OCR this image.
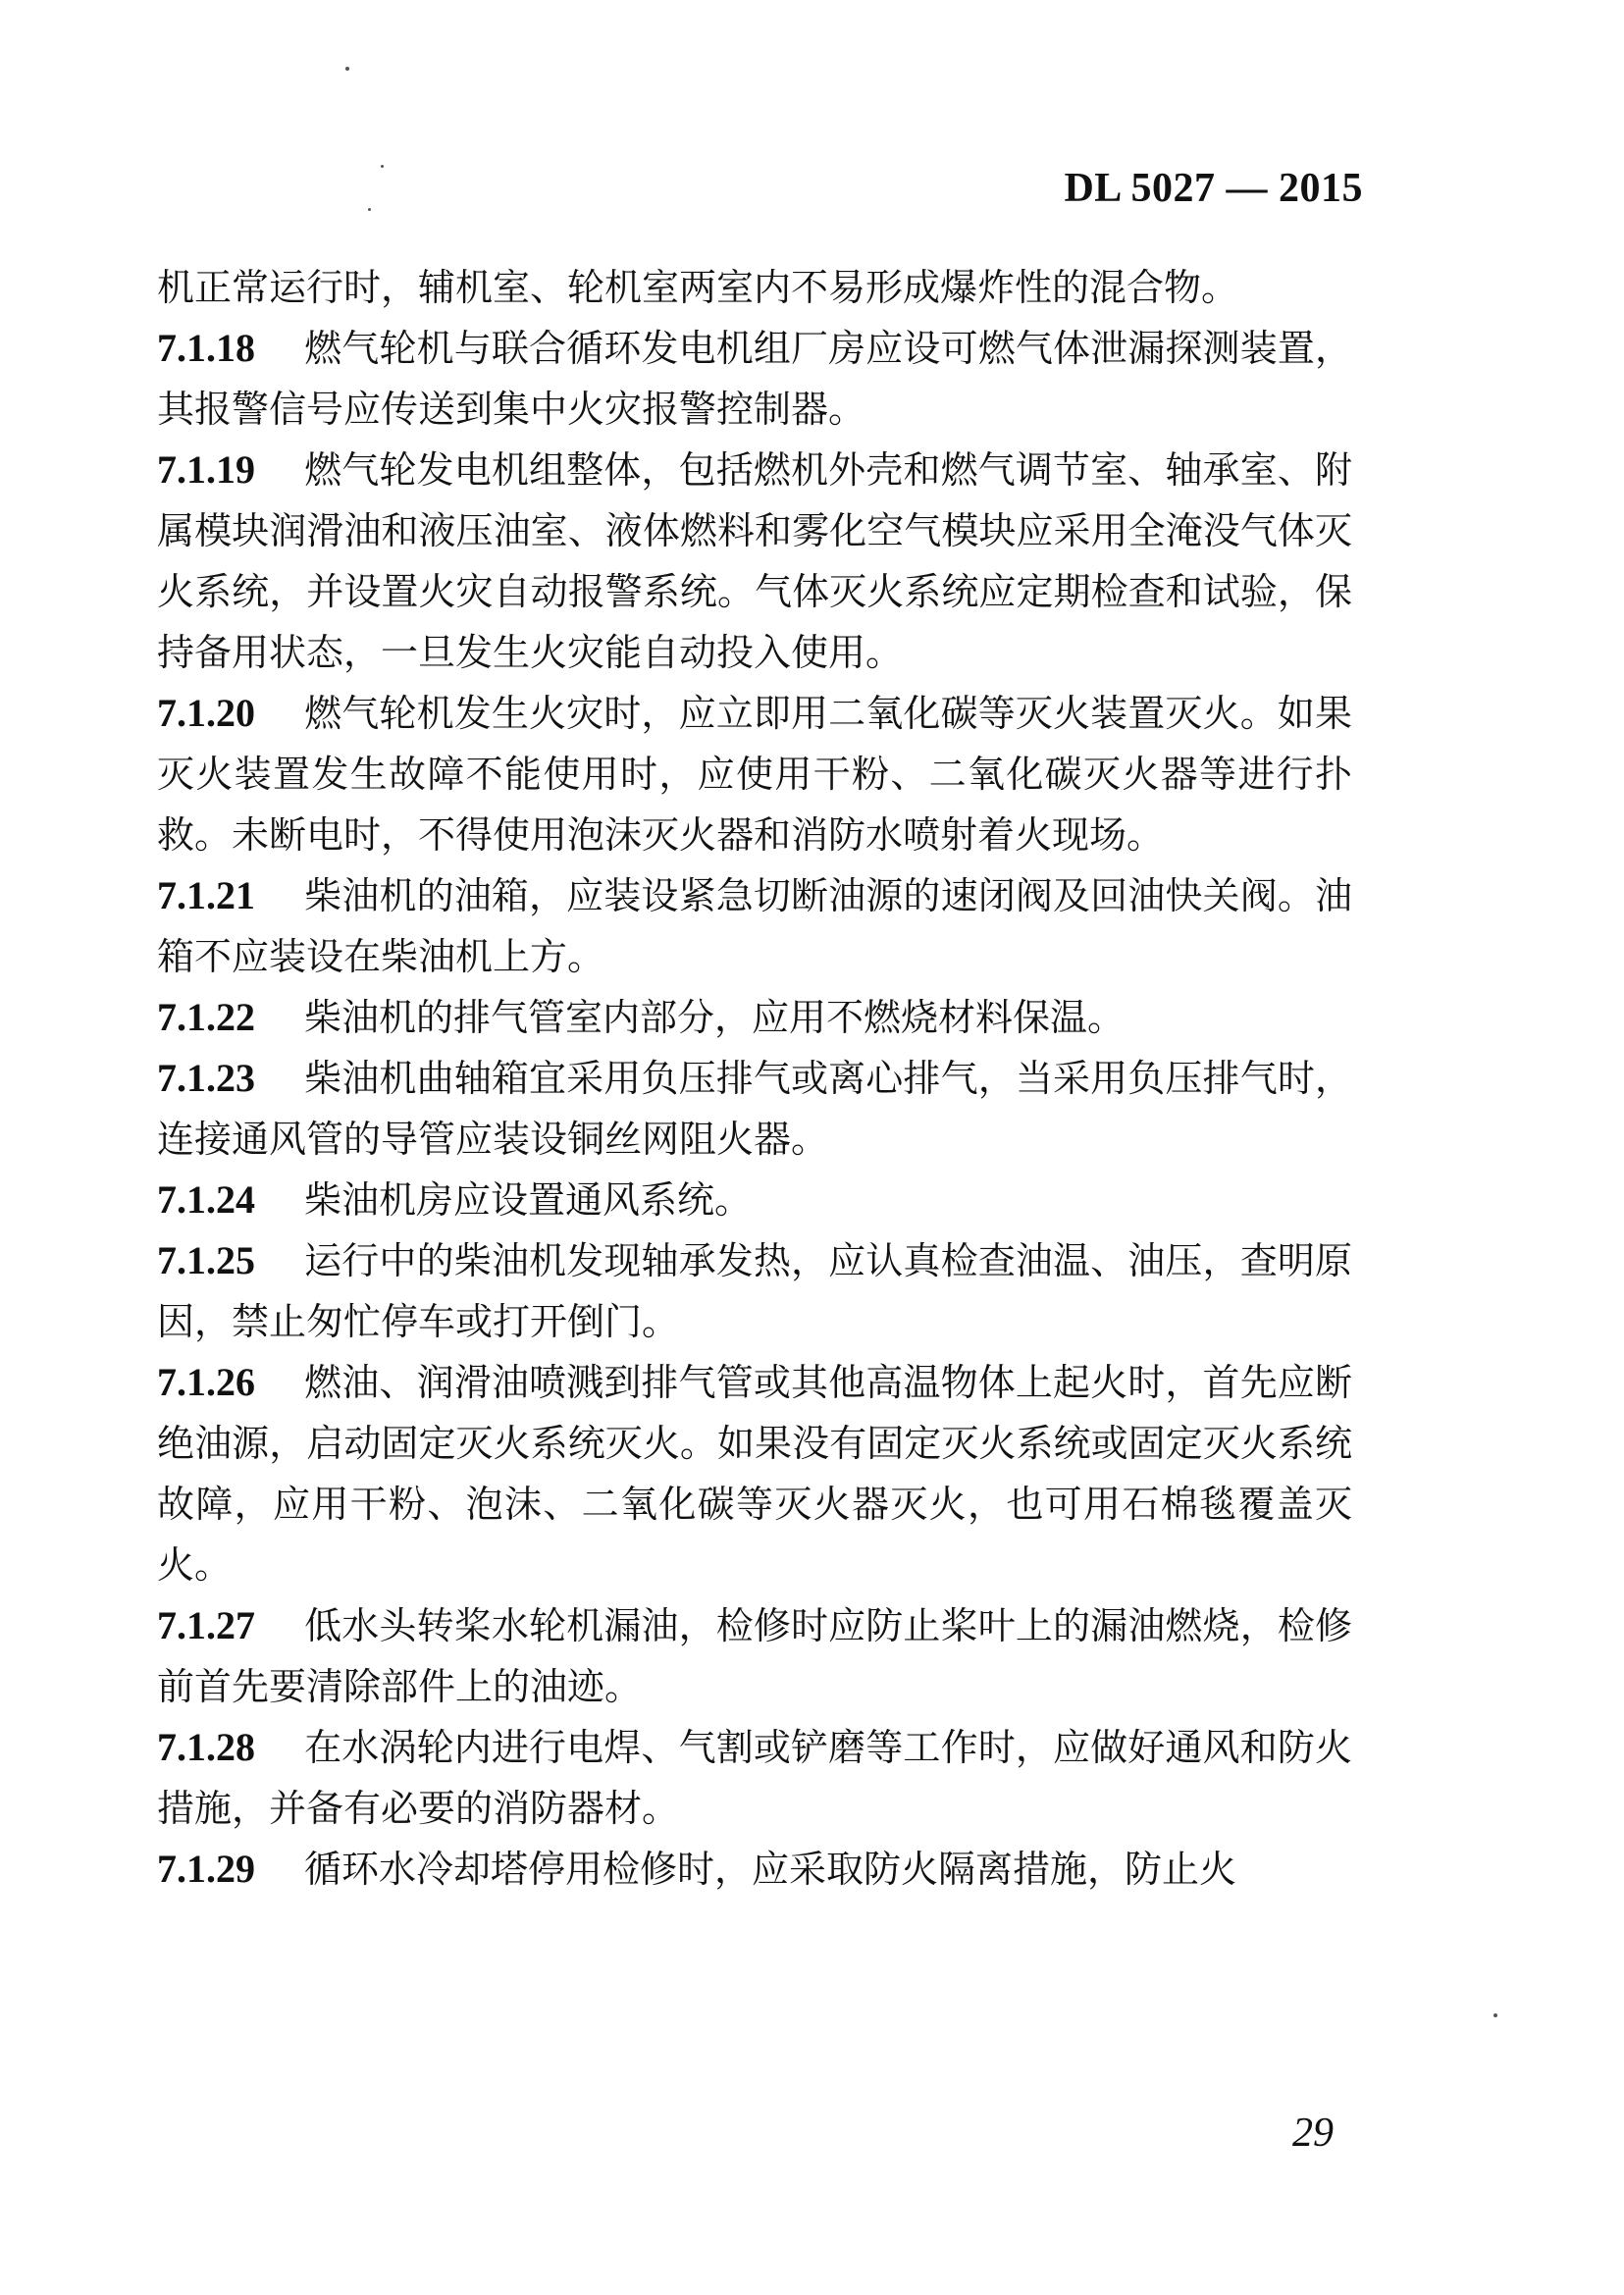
DL 5027 — 2015

机正常运行时，辅机室、轮机室两室内不易形成爆炸性的混合物。

7.1.18 燃气轮机与联合循环发电机组厂房应设可燃气体泄漏探测装置，其报警信号应传送到集中火灾报警控制器。

7.1.19 燃气轮发电机组整体，包括燃机外壳和燃气调节室、轴承室、附属模块润滑油和液压油室、液体燃料和雾化空气模块应采用全淹没气体灭火系统，并设置火灾自动报警系统。气体灭火系统应定期检查和试验，保持备用状态，一旦发生火灾能自动投入使用。

7.1.20 燃气轮机发生火灾时，应立即用二氧化碳等灭火装置灭火。如果灭火装置发生故障不能使用时，应使用干粉、二氧化碳灭火器等进行扑救。未断电时，不得使用泡沫灭火器和消防水喷射着火现场。

7.1.21 柴油机的油箱，应装设紧急切断油源的速闭阀及回油快关阀。油箱不应装设在柴油机上方。

7.1.22 柴油机的排气管室内部分，应用不燃烧材料保温。

7.1.23 柴油机曲轴箱宜采用负压排气或离心排气，当采用负压排气时，连接通风管的导管应装设铜丝网阻火器。

7.1.24 柴油机房应设置通风系统。

7.1.25 运行中的柴油机发现轴承发热，应认真检查油温、油压，查明原因，禁止匆忙停车或打开倒门。

7.1.26 燃油、润滑油喷溅到排气管或其他高温物体上起火时，首先应断绝油源，启动固定灭火系统灭火。如果没有固定灭火系统或固定灭火系统故障，应用干粉、泡沫、二氧化碳等灭火器灭火，也可用石棉毯覆盖灭火。

7.1.27 低水头转桨水轮机漏油，检修时应防止桨叶上的漏油燃烧，检修前首先要清除部件上的油迹。

7.1.28 在水涡轮内进行电焊、气割或铲磨等工作时，应做好通风和防火措施，并备有必要的消防器材。

7.1.29 循环水冷却塔停用检修时，应采取防火隔离措施，防止火

29
